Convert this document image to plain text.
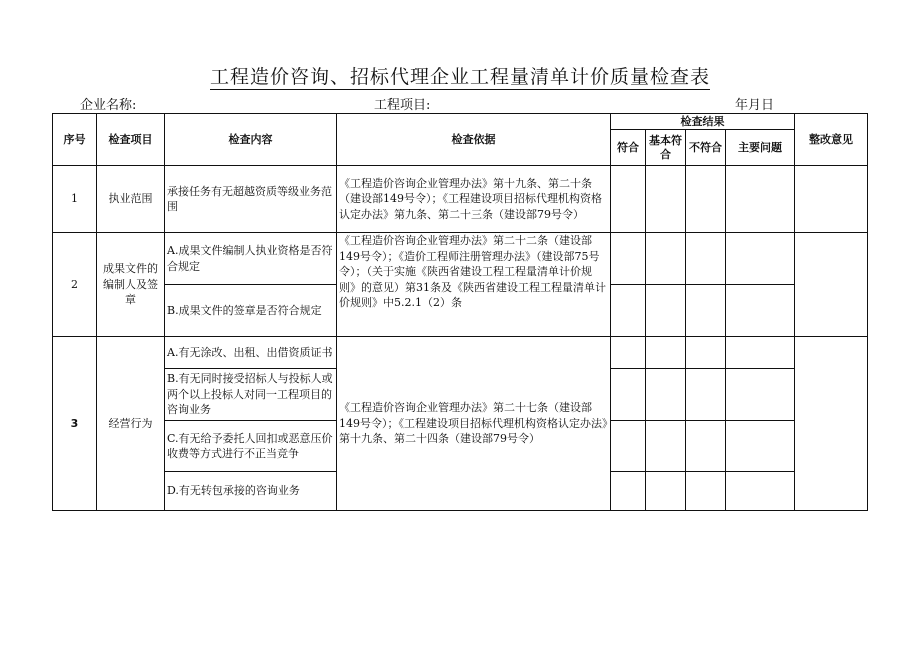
工程造价咨询、招标代理企业工程量清单计价质量检查表
企业名称:	工程项目:	年月日
序号	检查项目	检查内容	检查依据	检查结果				整改意见
				符合	基本符合	不符合	主要问题	
1	执业范围	承接任务有无超越资质等级业务范围	《工程造价咨询企业管理办法》第十九条、第二十条（建设部149号令）；《工程建设项目招标代理机构资格认定办法》第九条、第二十三条（建设部79号令）					
2	成果文件的编制人及签章	A.成果文件编制人执业资格是否符合规定	《工程造价咨询企业管理办法》第二十二条（建设部149号令）；《造价工程师注册管理办法》（建设部75号令）；（关于实施《陕西省建设工程工程量清单计价规则》的意见）第31条及《陕西省建设工程工程量清单计价规则》中5.2.1（2）条					
		B.成果文件的签章是否符合规定						
3	经营行为	A.有无涂改、出租、出借资质证书	《工程造价咨询企业管理办法》第二十七条（建设部149号令）；《工程建设项目招标代理机构资格认定办法》第十九条、第二十四条（建设部79号令）					
		B.有无同时接受招标人与投标人或两个以上投标人对同一工程项目的咨询业务						
		C.有无给予委托人回扣或恶意压价收费等方式进行不正当竞争						
		D.有无转包承接的咨询业务						
